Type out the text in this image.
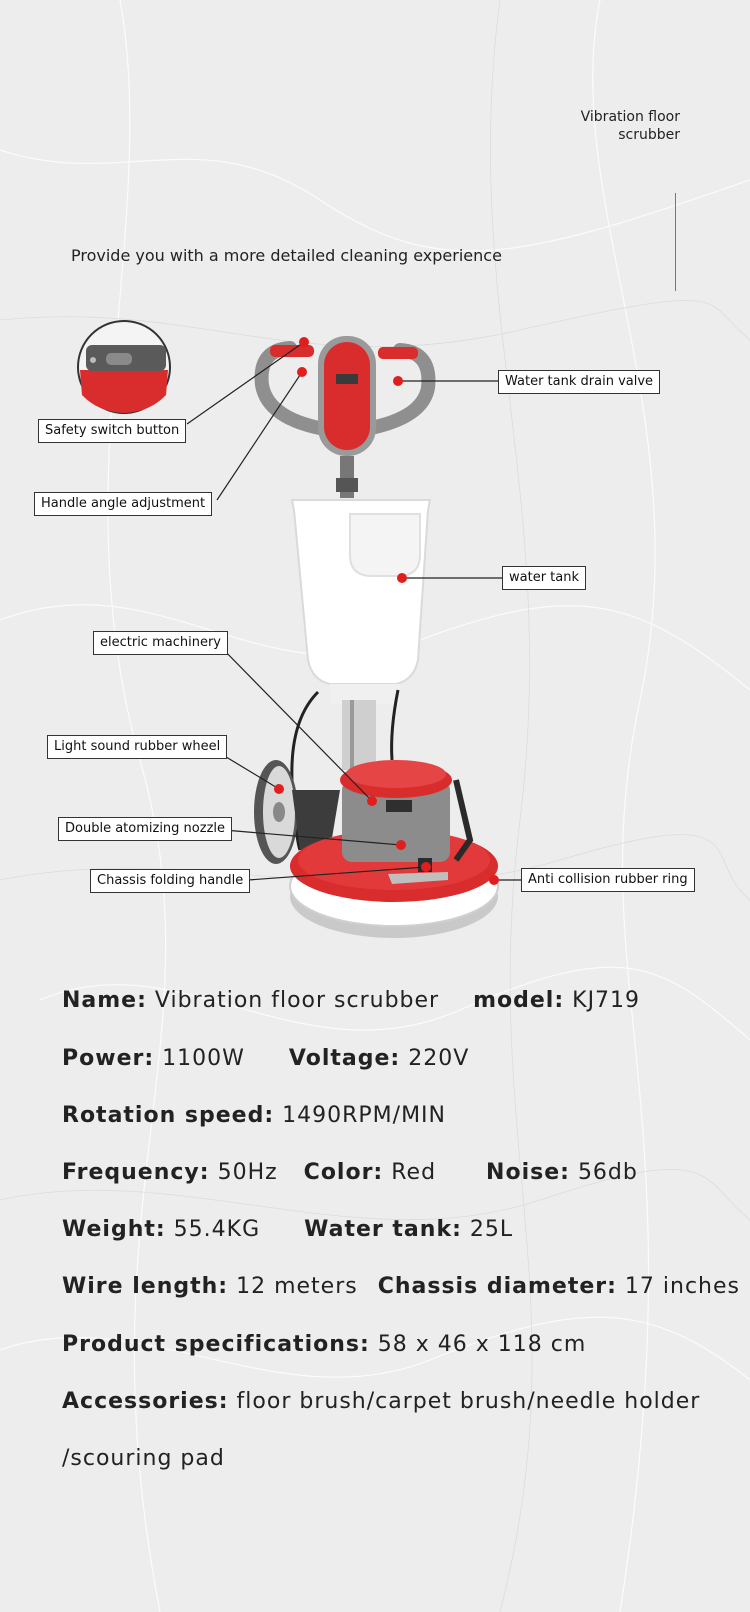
Vibration floor
scrubber
Provide you with a more detailed cleaning experience
Safety switch button
Handle angle adjustment
Water tank drain valve
water tank
electric machinery
Light sound rubber wheel
Double atomizing nozzle
Chassis folding handle	Anti collision rubber ring
Name: Vibration floor scrubber model: KJ719
Power: 1100W Voltage: 220V
Rotation speed: 1490RPM/MIN
Frequency: 50Hz Color: Red Noise: 56db
Weight: 55.4KG Water tank: 25L
Wire length: 12 meters Chassis diameter: 17 inches
Product specifications: 58 x 46 x 118 cm
Accessories: floor brush/carpet brush/needle holder
/scouring pad
